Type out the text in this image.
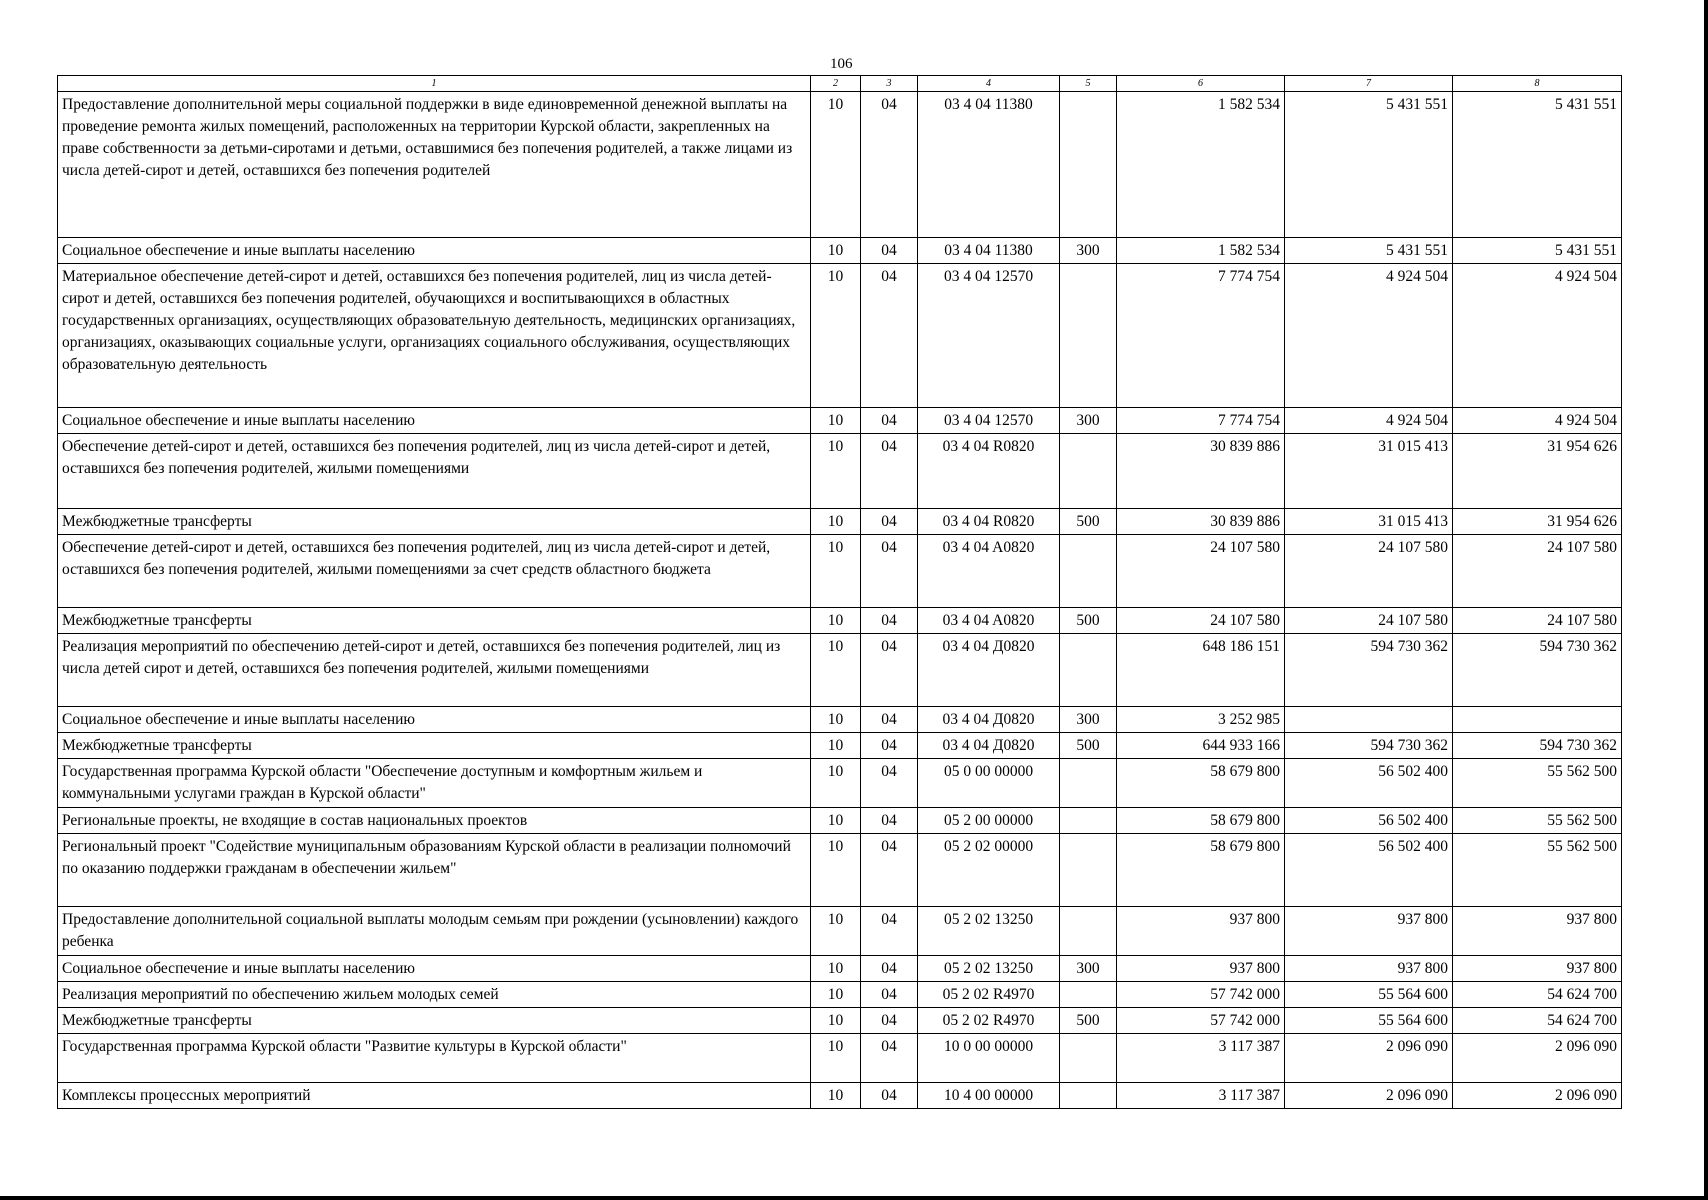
106
1	2	3	4	5	6	7	8
Предоставление дополнительной меры социальной поддержки в виде единовременной денежной выплаты на проведение ремонта жилых помещений, расположенных на территории Курской области, закрепленных на праве собственности за детьми-сиротами и детьми, оставшимися без попечения родителей, а также лицами из числа детей-сирот и детей, оставшихся без попечения родителей	10	04	03 4 04 11380		1 582 534	5 431 551	5 431 551
Социальное обеспечение и иные выплаты населению	10	04	03 4 04 11380	300	1 582 534	5 431 551	5 431 551
Материальное обеспечение детей-сирот и детей, оставшихся без попечения родителей, лиц из числа детей-сирот и детей, оставшихся без попечения родителей, обучающихся и воспитывающихся в областных государственных организациях, осуществляющих образовательную деятельность, медицинских организациях, организациях, оказывающих социальные услуги, организациях социального обслуживания, осуществляющих образовательную деятельность	10	04	03 4 04 12570		7 774 754	4 924 504	4 924 504
Социальное обеспечение и иные выплаты населению	10	04	03 4 04 12570	300	7 774 754	4 924 504	4 924 504
Обеспечение детей-сирот и детей, оставшихся без попечения родителей, лиц из числа детей-сирот и детей, оставшихся без попечения родителей, жилыми помещениями	10	04	03 4 04 R0820		30 839 886	31 015 413	31 954 626
Межбюджетные трансферты	10	04	03 4 04 R0820	500	30 839 886	31 015 413	31 954 626
Обеспечение детей-сирот и детей, оставшихся без попечения родителей, лиц из числа детей-сирот и детей, оставшихся без попечения родителей, жилыми помещениями за счет средств областного бюджета	10	04	03 4 04 A0820		24 107 580	24 107 580	24 107 580
Межбюджетные трансферты	10	04	03 4 04 A0820	500	24 107 580	24 107 580	24 107 580
Реализация мероприятий по обеспечению детей-сирот и детей, оставшихся без попечения родителей, лиц из числа детей сирот и детей, оставшихся без попечения родителей, жилыми помещениями	10	04	03 4 04 Д0820		648 186 151	594 730 362	594 730 362
Социальное обеспечение и иные выплаты населению	10	04	03 4 04 Д0820	300	3 252 985		
Межбюджетные трансферты	10	04	03 4 04 Д0820	500	644 933 166	594 730 362	594 730 362
Государственная программа Курской области "Обеспечение доступным и комфортным жильем и коммунальными услугами граждан в Курской области"	10	04	05 0 00 00000		58 679 800	56 502 400	55 562 500
Региональные проекты, не входящие в состав национальных проектов	10	04	05 2 00 00000		58 679 800	56 502 400	55 562 500
Региональный проект "Содействие муниципальным образованиям Курской области в реализации полномочий по оказанию поддержки гражданам в обеспечении жильем"	10	04	05 2 02 00000		58 679 800	56 502 400	55 562 500
Предоставление дополнительной социальной выплаты молодым семьям при рождении (усыновлении) каждого ребенка	10	04	05 2 02 13250		937 800	937 800	937 800
Социальное обеспечение и иные выплаты населению	10	04	05 2 02 13250	300	937 800	937 800	937 800
Реализация мероприятий по обеспечению жильем молодых семей	10	04	05 2 02 R4970		57 742 000	55 564 600	54 624 700
Межбюджетные трансферты	10	04	05 2 02 R4970	500	57 742 000	55 564 600	54 624 700
Государственная программа Курской области "Развитие культуры в Курской области"	10	04	10 0 00 00000		3 117 387	2 096 090	2 096 090
Комплексы процессных мероприятий	10	04	10 4 00 00000		3 117 387	2 096 090	2 096 090
